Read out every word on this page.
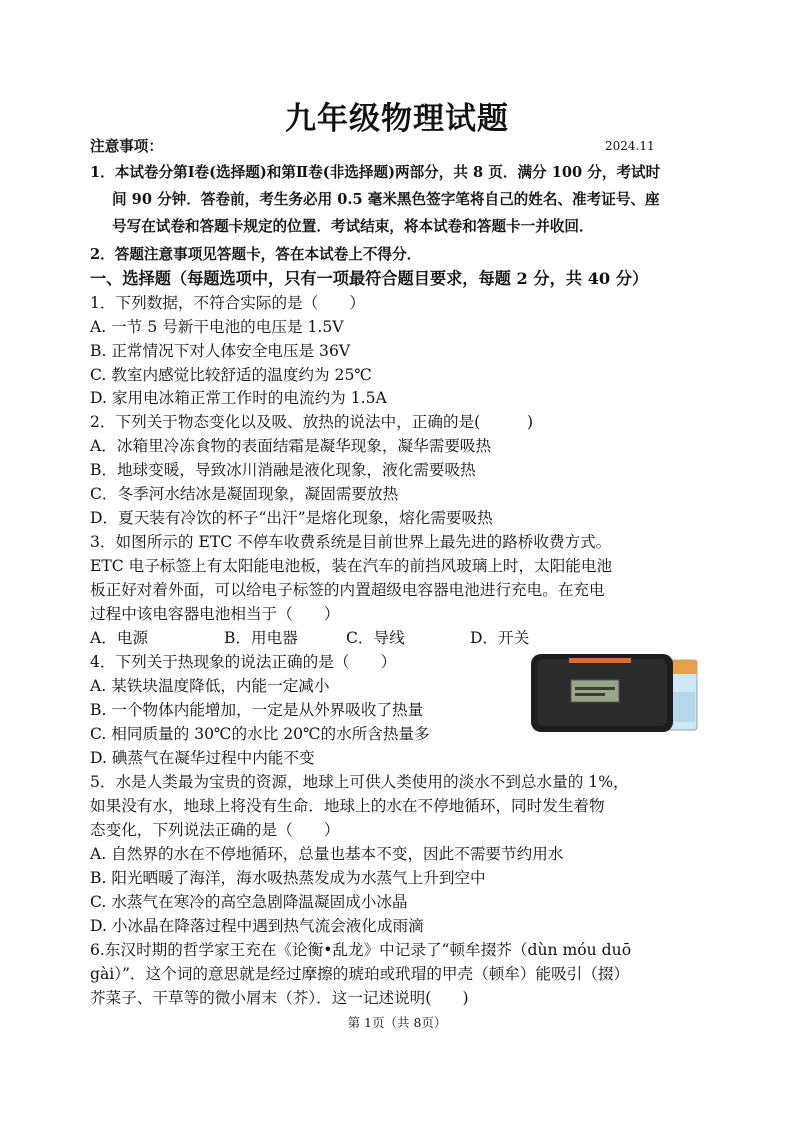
九年级物理试题
注意事项：	2024.11
1．本试卷分第Ⅰ卷(选择题)和第Ⅱ卷(非选择题)两部分，共 8 页．满分 100 分，考试时
间 90 分钟．答卷前，考生务必用 0.5 毫米黑色签字笔将自己的姓名、准考证号、座
号写在试卷和答题卡规定的位置．考试结束，将本试卷和答题卡一并收回．
2．答题注意事项见答题卡，答在本试卷上不得分．
一、选择题（每题选项中，只有一项最符合题目要求，每题 2 分，共 40 分）
1．下列数据，不符合实际的是（　　）
A. 一节 5 号新干电池的电压是 1.5V
B. 正常情况下对人体安全电压是 36V
C. 教室内感觉比较舒适的温度约为 25℃
D. 家用电冰箱正常工作时的电流约为 1.5A
2．下列关于物态变化以及吸、放热的说法中，正确的是(　　　)
A．冰箱里冷冻食物的表面结霜是凝华现象，凝华需要吸热
B．地球变暖，导致冰川消融是液化现象，液化需要吸热
C．冬季河水结冰是凝固现象，凝固需要放热
D．夏天装有冷饮的杯子“出汗”是熔化现象，熔化需要吸热
3．如图所示的 ETC 不停车收费系统是目前世界上最先进的路桥收费方式。
ETC 电子标签上有太阳能电池板，装在汽车的前挡风玻璃上时，太阳能电池
板正好对着外面，可以给电子标签的内置超级电容器电池进行充电。在充电
过程中该电容器电池相当于（　　）
A．电源	B．用电器	C．导线	D．开关
4．下列关于热现象的说法正确的是（　　）
A. 某铁块温度降低，内能一定减小
B. 一个物体内能增加，一定是从外界吸收了热量
C. 相同质量的 30℃的水比 20℃的水所含热量多
D. 碘蒸气在凝华过程中内能不变
5．水是人类最为宝贵的资源，地球上可供人类使用的淡水不到总水量的 1%，
如果没有水，地球上将没有生命．地球上的水在不停地循环，同时发生着物
态变化，下列说法正确的是（　　）
A. 自然界的水在不停地循环，总量也基本不变，因此不需要节约用水
B. 阳光晒暖了海洋，海水吸热蒸发成为水蒸气上升到空中
C. 水蒸气在寒冷的高空急剧降温凝固成小冰晶
D. 小冰晶在降落过程中遇到热气流会液化成雨滴
6.东汉时期的哲学家王充在《论衡•乱龙》中记录了“顿牟掇芥（dùn móu duō
gài）”．这个词的意思就是经过摩擦的琥珀或玳瑁的甲壳（顿牟）能吸引（掇）
芥菜子、干草等的微小屑末（芥）．这一记述说明(　　)
第 1页（共 8页）
